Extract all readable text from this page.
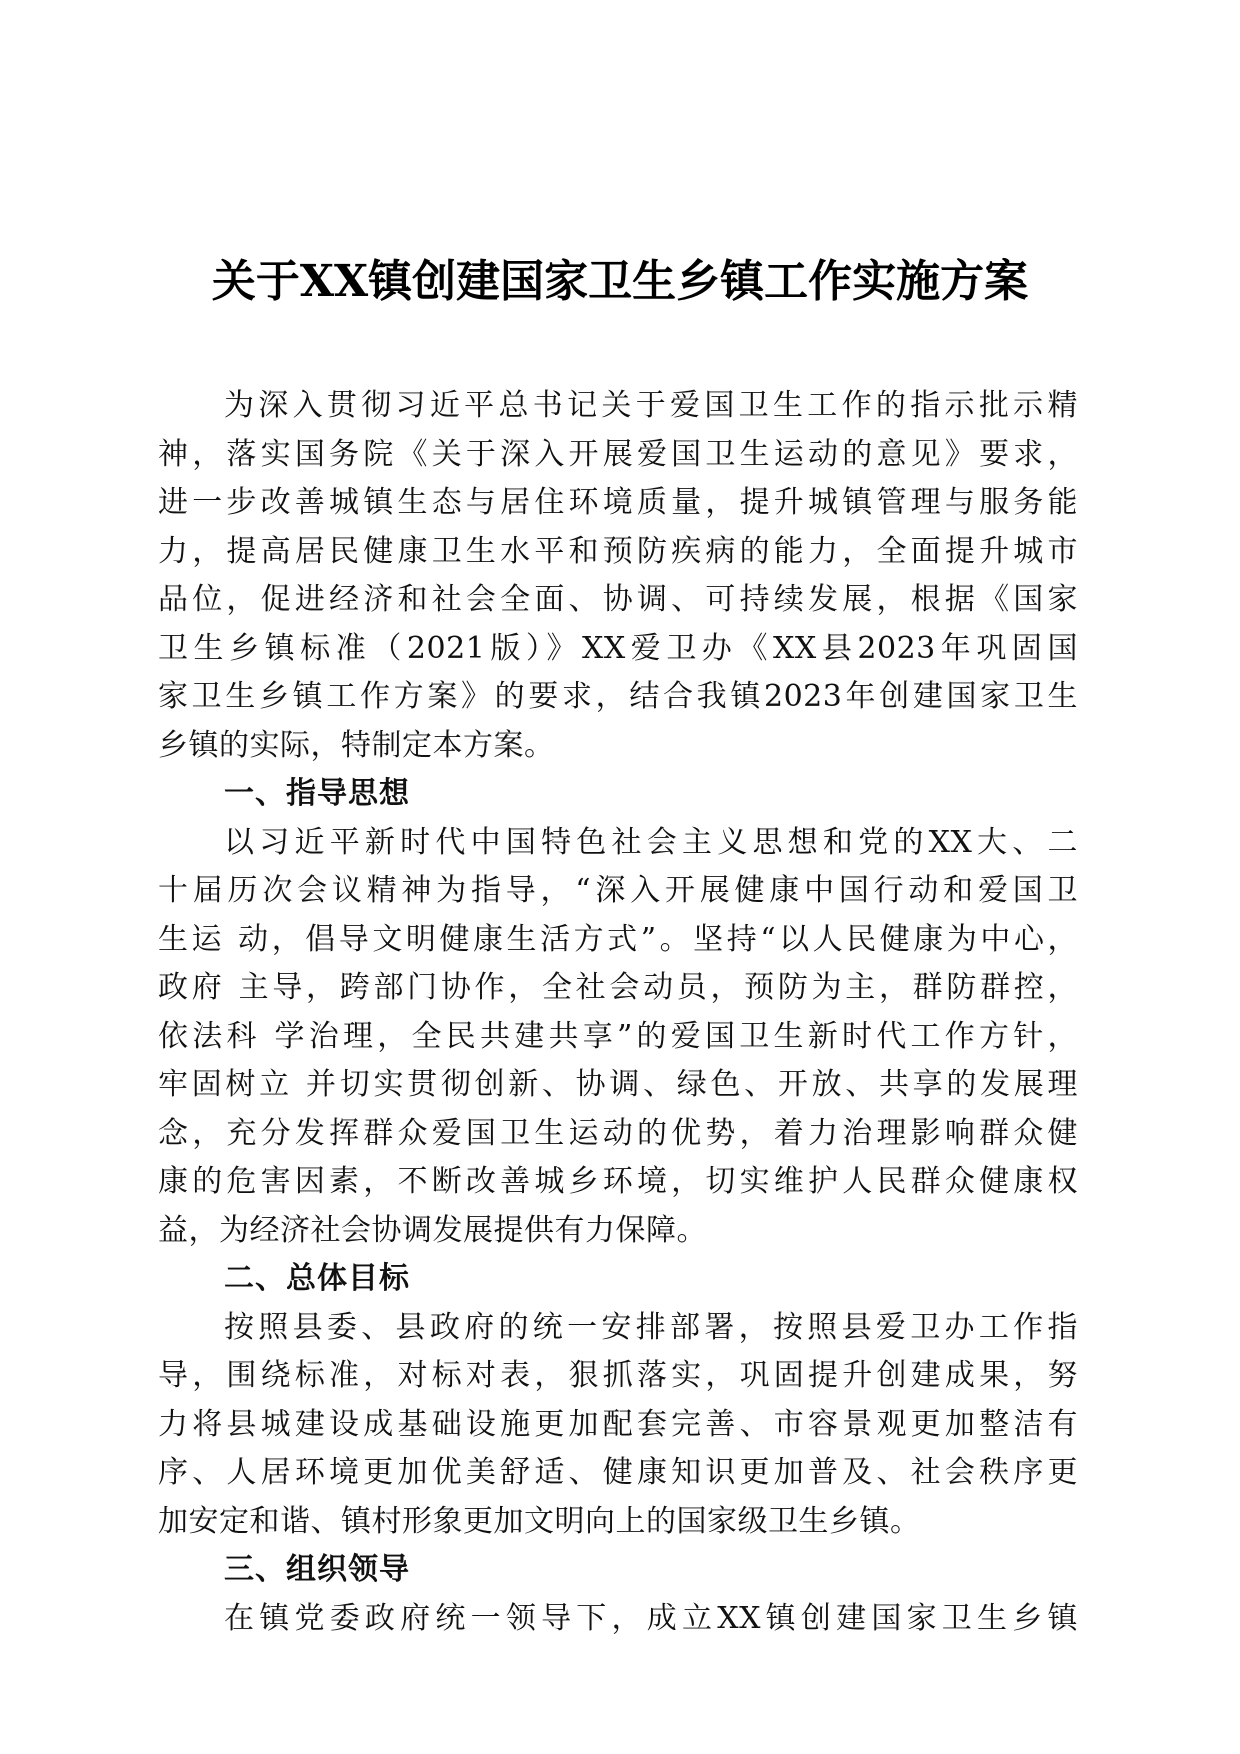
关于XX镇创建国家卫生乡镇工作实施方案
为深入贯彻习近平总书记关于爱国卫生工作的指示批示精
神，落实国务院《关于深入开展爱国卫生运动的意见》要求，
进一步改善城镇生态与居住环境质量，提升城镇管理与服务能
力，提高居民健康卫生水平和预防疾病的能力，全面提升城市
品位，促进经济和社会全面、协调、可持续发展，根据《国家
卫生乡镇标准（2021版）》XX爱卫办《XX县2023年巩固国
家卫生乡镇工作方案》的要求，结合我镇2023年创建国家卫生
乡镇的实际，特制定本方案。
一、指导思想
以习近平新时代中国特色社会主义思想和党的XX大、二
十届历次会议精神为指导，“深入开展健康中国行动和爱国卫
生运 动，倡导文明健康生活方式”。坚持“以人民健康为中心，
政府 主导，跨部门协作，全社会动员，预防为主，群防群控，
依法科 学治理，全民共建共享”的爱国卫生新时代工作方针，
牢固树立 并切实贯彻创新、协调、绿色、开放、共享的发展理
念，充分发挥群众爱国卫生运动的优势，着力治理影响群众健
康的危害因素，不断改善城乡环境，切实维护人民群众健康权
益，为经济社会协调发展提供有力保障。
二、总体目标
按照县委、县政府的统一安排部署，按照县爱卫办工作指
导，围绕标准，对标对表，狠抓落实，巩固提升创建成果，努
力将县城建设成基础设施更加配套完善、市容景观更加整洁有
序、人居环境更加优美舒适、健康知识更加普及、社会秩序更
加安定和谐、镇村形象更加文明向上的国家级卫生乡镇。
三、组织领导
在镇党委政府统一领导下，成立XX镇创建国家卫生乡镇
